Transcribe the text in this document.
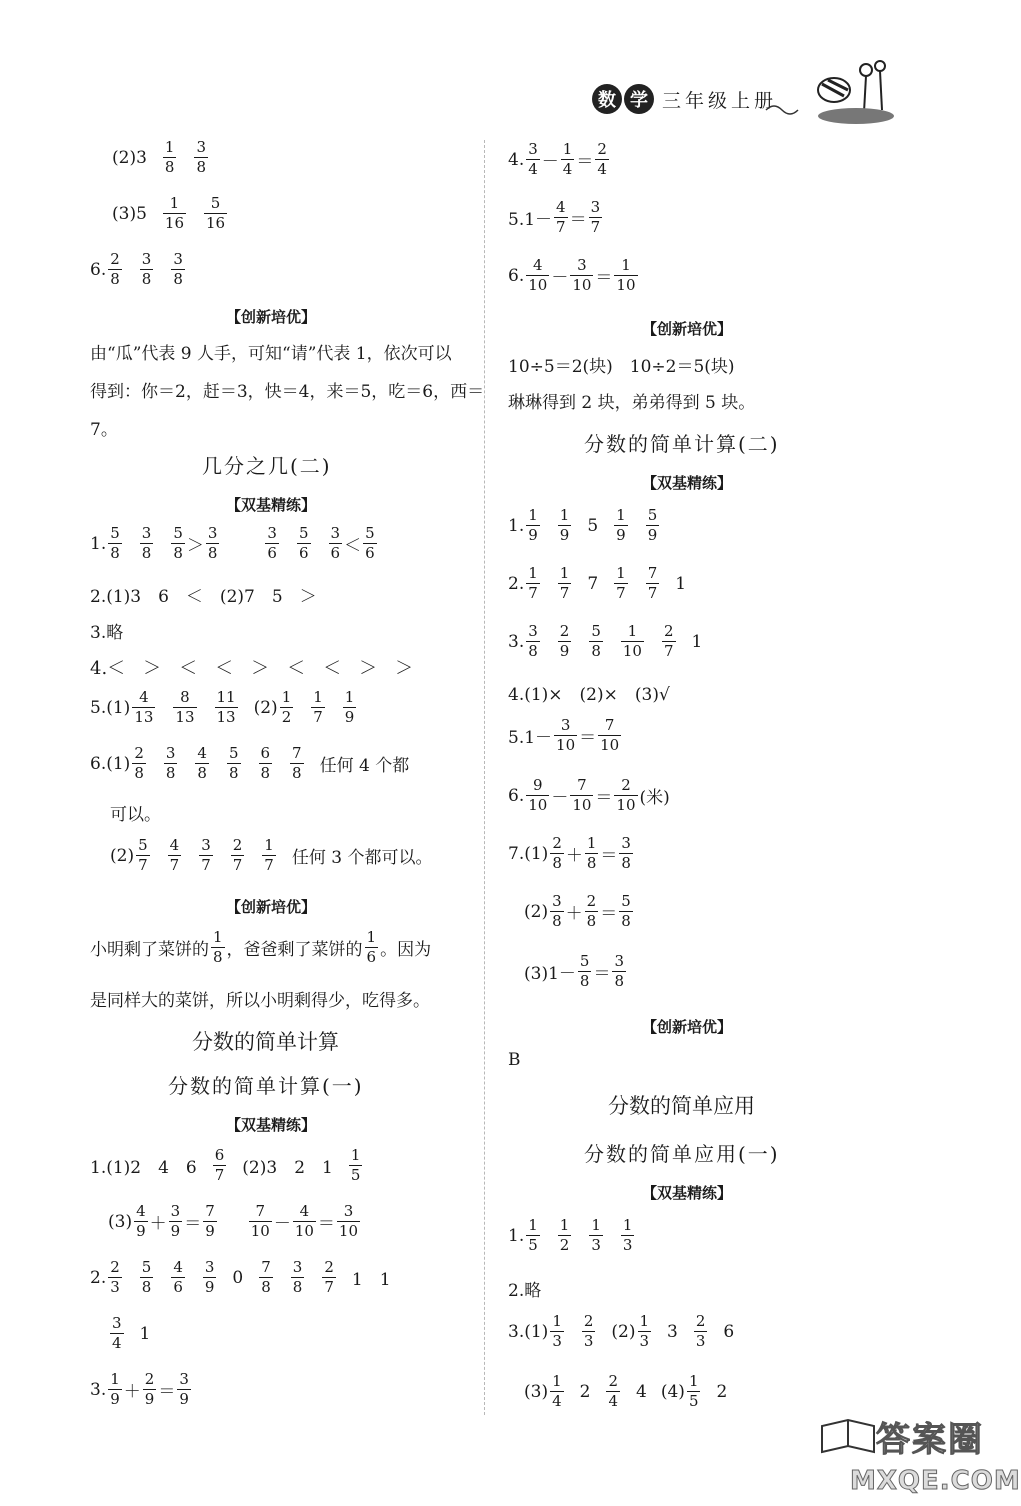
数 学 三年级上册
$(2)3 \frac{1}{8} \frac{3}{8}$
$(3)5 \frac{1}{16} \frac{5}{16}$
6. $\frac{2}{8} \frac{3}{8} \frac{3}{8}$
【创新培优】
由“瓜”代表 9 人手，可知“请”代表 1，依次可以
得到：你＝2，赶＝3，快＝4，来＝5，吃＝6，西＝
7。
几分之几(二)
【双基精练】
1. $\frac{5}{8} \frac{3}{8} \frac{5}{8} > \frac{3}{8}$	$\frac{3}{6} \frac{5}{6} \frac{3}{6} < \frac{5}{6}$
2.(1)3　6　＜　(2)7　5　＞
3.略
4.＜　＞　＜　＜　＞　＜　＜　＞　＞
$5.(1) \frac{4}{13} \frac{8}{13} \frac{11}{13} (2) \frac{1}{2} \frac{1}{7} \frac{1}{9}$
$6.(1) \frac{2}{8} \frac{3}{8} \frac{4}{8} \frac{5}{8} \frac{6}{8} \frac{7}{8}$ 任何 4 个都
可以。
$(2) \frac{5}{7} \frac{4}{7} \frac{3}{7} \frac{2}{7} \frac{1}{7}$ 任何 3 个都可以。
【创新培优】
小明剩了菜饼的 $\frac{1}{8}$ ，爸爸剩了菜饼的 $\frac{1}{6}$ 。因为
是同样大的菜饼，所以小明剩得少，吃得多。
分数的简单计算
分数的简单计算(一)
【双基精练】
1.(1)2　4　$6 \frac{6}{7} (2)3$　2　$1 \frac{1}{5}$
$(3) \frac{4}{9} + \frac{3}{9} = \frac{7}{9} \frac{7}{10} - \frac{4}{10} = \frac{3}{10}$
2. $\frac{2}{3} \frac{5}{8} \frac{4}{6} \frac{3}{9} 0 \frac{7}{8} \frac{3}{8} \frac{2}{7} 1$　1
$\frac{3}{4} 1$
3. $\frac{1}{9} + \frac{2}{9} = \frac{3}{9}$
4. $\frac{3}{4} - \frac{1}{4} = \frac{2}{4}$
$5.1- \frac{4}{7} = \frac{3}{7}$
6. $\frac{4}{10} - \frac{3}{10} = \frac{1}{10}$
【创新培优】
10÷5＝2(块)　10÷2＝5(块)
琳琳得到 2 块，弟弟得到 5 块。
分数的简单计算(二)
【双基精练】
1. $\frac{1}{9} \frac{1}{9} 5 \frac{1}{9} \frac{5}{9}$
2. $\frac{1}{7} \frac{1}{7} 7 \frac{1}{7} \frac{7}{7} 1$
3. $\frac{3}{8} \frac{2}{9} \frac{5}{8} \frac{1}{10} \frac{2}{7} 1$
4.(1)×　(2)×　(3)√
$5.1- \frac{3}{10} = \frac{7}{10}$
6. $\frac{9}{10} - \frac{7}{10} = \frac{2}{10}$ (米)
$7.(1) \frac{2}{8} + \frac{1}{8} = \frac{3}{8}$
$(2) \frac{3}{8} + \frac{2}{8} = \frac{5}{8}$
$(3)1- \frac{5}{8} = \frac{3}{8}$
【创新培优】
B
分数的简单应用
分数的简单应用(一)
【双基精练】
1. $\frac{1}{5} \frac{1}{2} \frac{1}{3} \frac{1}{3}$
2.略
$3.(1) \frac{1}{3} \frac{2}{3} (2) \frac{1}{3} 3 \frac{2}{3} 6$
$(3) \frac{1}{4} 2 \frac{2}{4} 4$ $(4) \frac{1}{5} 2$
答案圈
MXQE.COM
